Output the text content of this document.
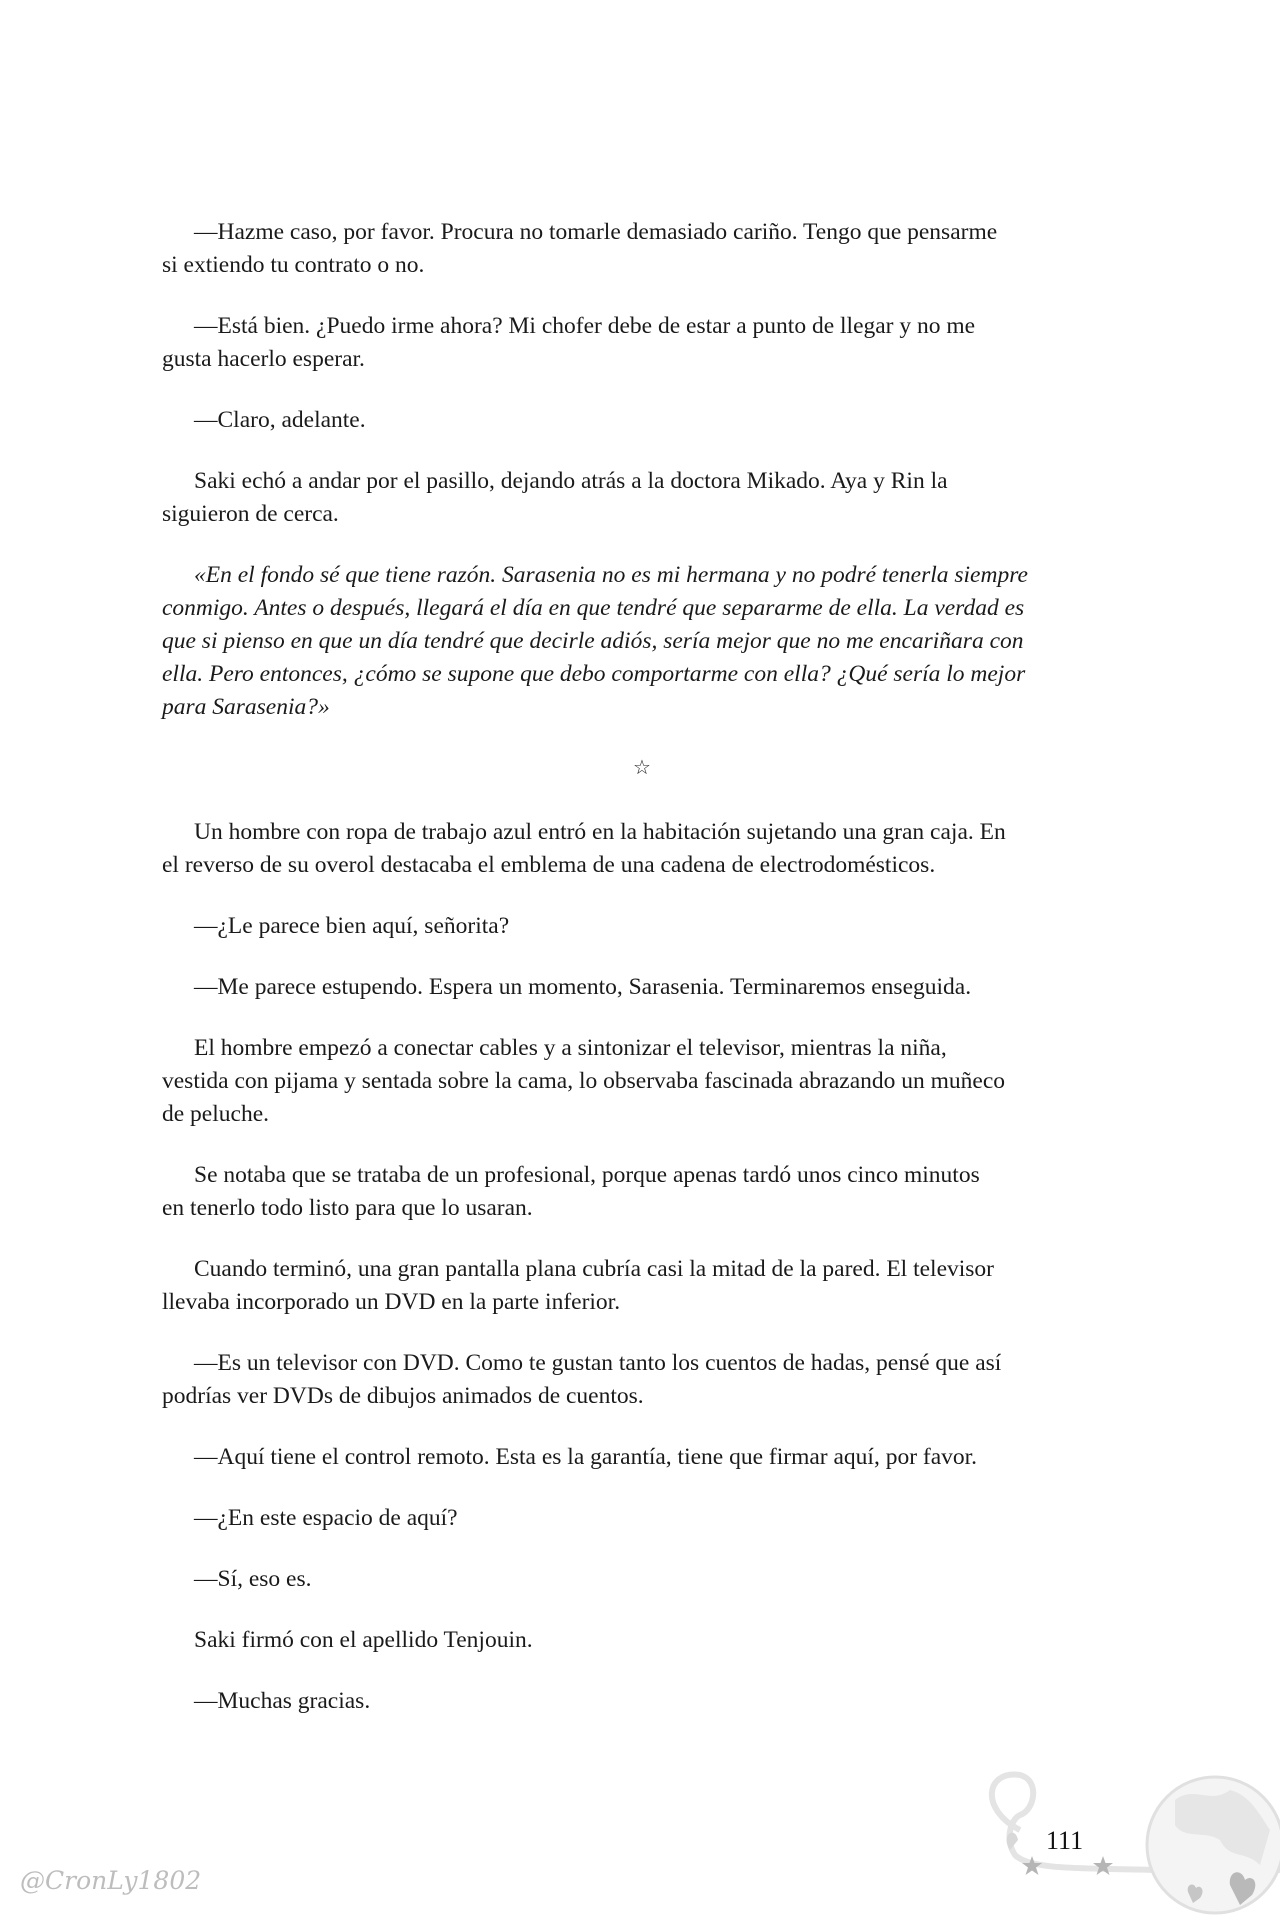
—Hazme caso, por favor. Procura no tomarle demasiado cariño. Tengo que pensarme
si extiendo tu contrato o no.
—Está bien. ¿Puedo irme ahora? Mi chofer debe de estar a punto de llegar y no me
gusta hacerlo esperar.
—Claro, adelante.
Saki echó a andar por el pasillo, dejando atrás a la doctora Mikado. Aya y Rin la
siguieron de cerca.
«En el fondo sé que tiene razón. Sarasenia no es mi hermana y no podré tenerla siempre
conmigo. Antes o después, llegará el día en que tendré que separarme de ella. La verdad es
que si pienso en que un día tendré que decirle adiós, sería mejor que no me encariñara con
ella. Pero entonces, ¿cómo se supone que debo comportarme con ella? ¿Qué sería lo mejor
para Sarasenia?»
☆
Un hombre con ropa de trabajo azul entró en la habitación sujetando una gran caja. En
el reverso de su overol destacaba el emblema de una cadena de electrodomésticos.
—¿Le parece bien aquí, señorita?
—Me parece estupendo. Espera un momento, Sarasenia. Terminaremos enseguida.
El hombre empezó a conectar cables y a sintonizar el televisor, mientras la niña,
vestida con pijama y sentada sobre la cama, lo observaba fascinada abrazando un muñeco
de peluche.
Se notaba que se trataba de un profesional, porque apenas tardó unos cinco minutos
en tenerlo todo listo para que lo usaran.
Cuando terminó, una gran pantalla plana cubría casi la mitad de la pared. El televisor
llevaba incorporado un DVD en la parte inferior.
—Es un televisor con DVD. Como te gustan tanto los cuentos de hadas, pensé que así
podrías ver DVDs de dibujos animados de cuentos.
—Aquí tiene el control remoto. Esta es la garantía, tiene que firmar aquí, por favor.
—¿En este espacio de aquí?
—Sí, eso es.
Saki firmó con el apellido Tenjouin.
—Muchas gracias.
@CronLy1802
111
